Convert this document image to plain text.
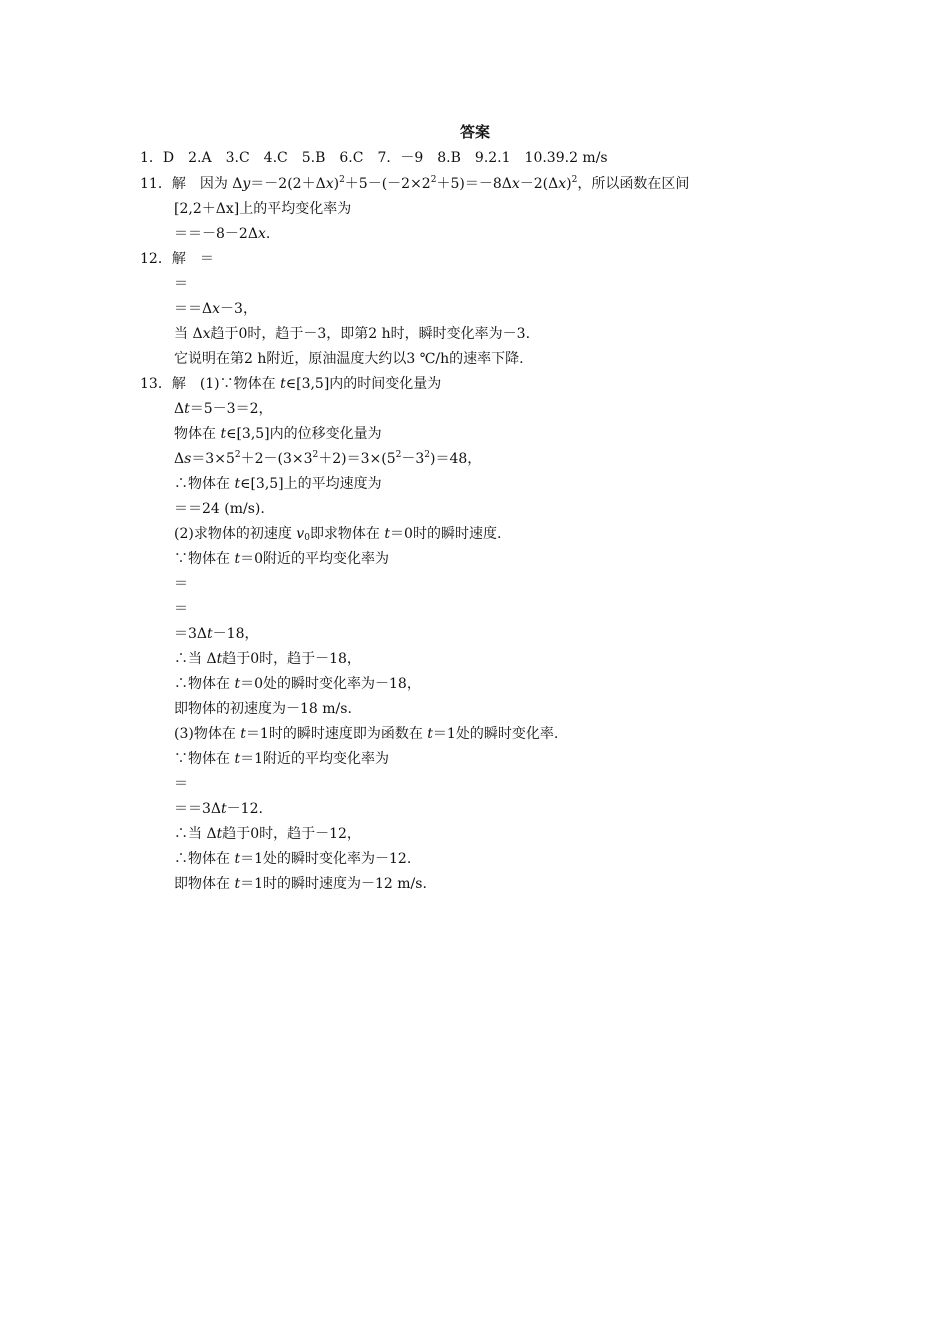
答案
1．D　2.A　3.C　4.C　5.B　6.C　7．－9　8.B　9.2.1　10.39.2 m/s
11．解　因为 $\Delta y=-2(2+\Delta x)^2+5-(-2\times 2^2+5)=-8\Delta x-2(\Delta x)^2$，所以函数在区间
[2,2＋Δx]上的平均变化率为
＝＝－8－2Δx.
12．解　＝
＝
＝＝Δx－3，
当 Δx趋于0时，趋于－3，即第2 h时，瞬时变化率为－3.
它说明在第2 h附近，原油温度大约以3 ℃/h的速率下降.
13．解　(1)∵物体在 t∈[3,5]内的时间变化量为
Δt＝5－3＝2，
物体在 t∈[3,5]内的位移变化量为
$\Delta s=3\times 5^2+2-(3\times 3^2+2)=3\times(5^2-3^2)=48$，
∴物体在 t∈[3,5]上的平均速度为
＝＝24 (m/s).
(2)求物体的初速度 $v_0$即求物体在 t＝0时的瞬时速度.
∵物体在 t＝0附近的平均变化率为
＝
＝
＝3Δt－18，
∴当 Δt趋于0时，趋于－18，
∴物体在 t＝0处的瞬时变化率为－18，
即物体的初速度为－18 m/s.
(3)物体在 t＝1时的瞬时速度即为函数在 t＝1处的瞬时变化率.
∵物体在 t＝1附近的平均变化率为
＝
＝＝3Δt－12.
∴当 Δt趋于0时，趋于－12，
∴物体在 t＝1处的瞬时变化率为－12.
即物体在 t＝1时的瞬时速度为－12 m/s.
